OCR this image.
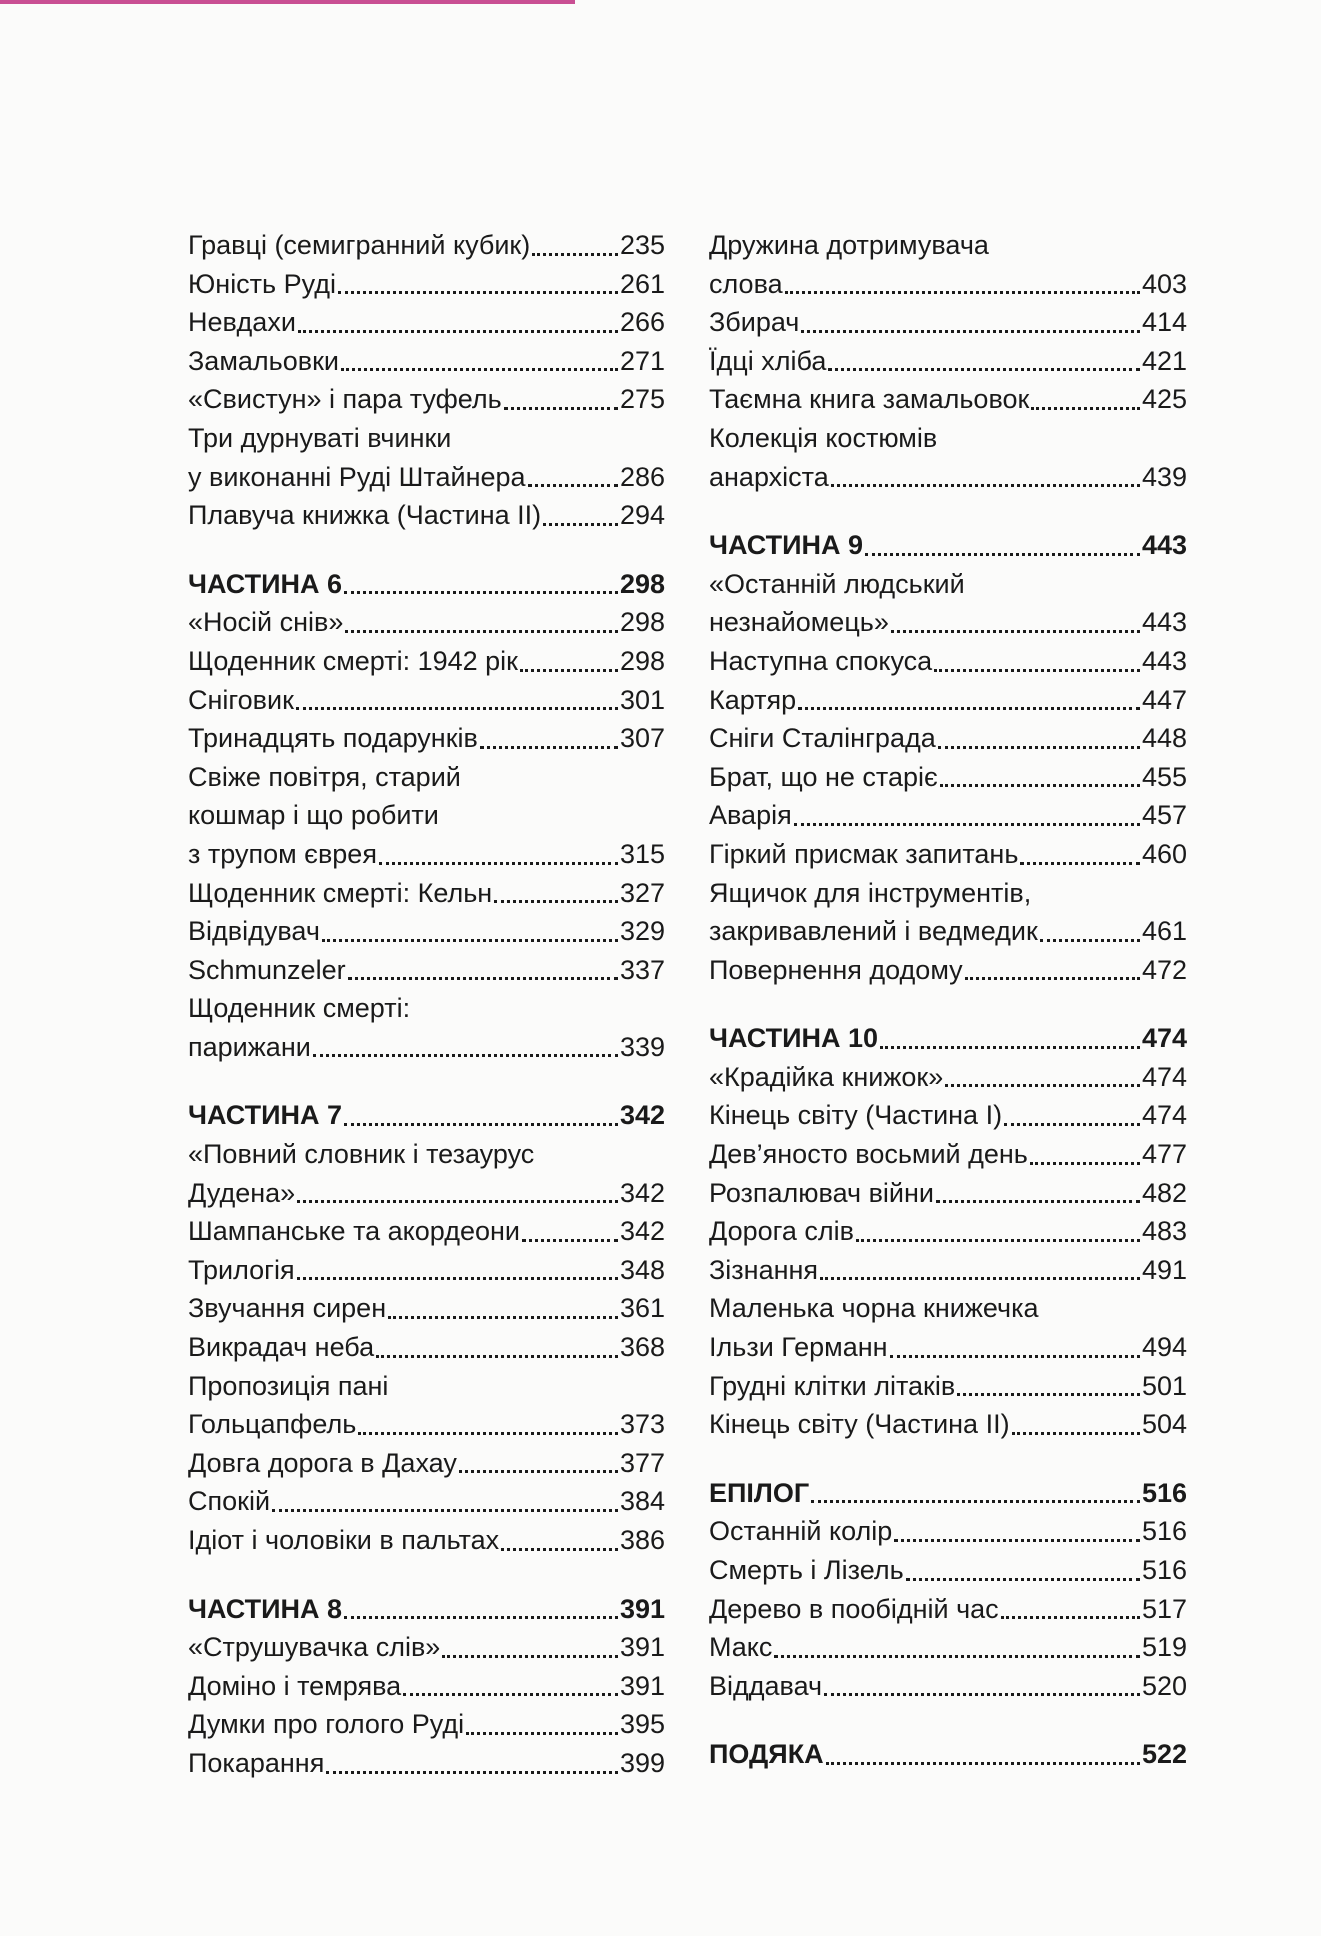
Гравці (семигранний кубик)	235
Юність Руді	261
Невдахи	266
Замальовки	271
«Свистун» і пара туфель	275
Три дурнуваті вчинки
у виконанні Руді Штайнера	286
Плавуча книжка (Частина II)	294
ЧАСТИНА 6	298
«Носій снів»	298
Щоденник смерті: 1942 рік	298
Сніговик	301
Тринадцять подарунків	307
Свіже повітря, старий
кошмар і що робити
з трупом єврея	315
Щоденник смерті: Кельн	327
Відвідувач	329
Schmunzeler	337
Щоденник смерті:
парижани	339
ЧАСТИНА 7	342
«Повний словник і тезаурус
Дудена»	342
Шампанське та акордеони	342
Трилогія	348
Звучання сирен	361
Викрадач неба	368
Пропозиція пані
Гольцапфель	373
Довга дорога в Дахау	377
Спокій	384
Ідіот і чоловіки в пальтах	386
ЧАСТИНА 8	391
«Струшувачка слів»	391
Доміно і темрява	391
Думки про голого Руді	395
Покарання	399
Дружина дотримувача
слова	403
Збирач	414
Їдці хліба	421
Таємна книга замальовок	425
Колекція костюмів
анархіста	439
ЧАСТИНА 9	443
«Останній людський
незнайомець»	443
Наступна спокуса	443
Картяр	447
Сніги Сталінграда	448
Брат, що не старіє	455
Аварія	457
Гіркий присмак запитань	460
Ящичок для інструментів,
закривавлений і ведмедик	461
Повернення додому	472
ЧАСТИНА 10	474
«Крадійка книжок»	474
Кінець світу (Частина I)	474
Дев’яносто восьмий день	477
Розпалювач війни	482
Дорога слів	483
Зізнання	491
Маленька чорна книжечка
Ільзи Германн	494
Грудні клітки літаків	501
Кінець світу (Частина II)	504
ЕПІЛОГ	516
Останній колір	516
Смерть і Лізель	516
Дерево в пообідній час	517
Макс	519
Віддавач	520
ПОДЯКА	522
